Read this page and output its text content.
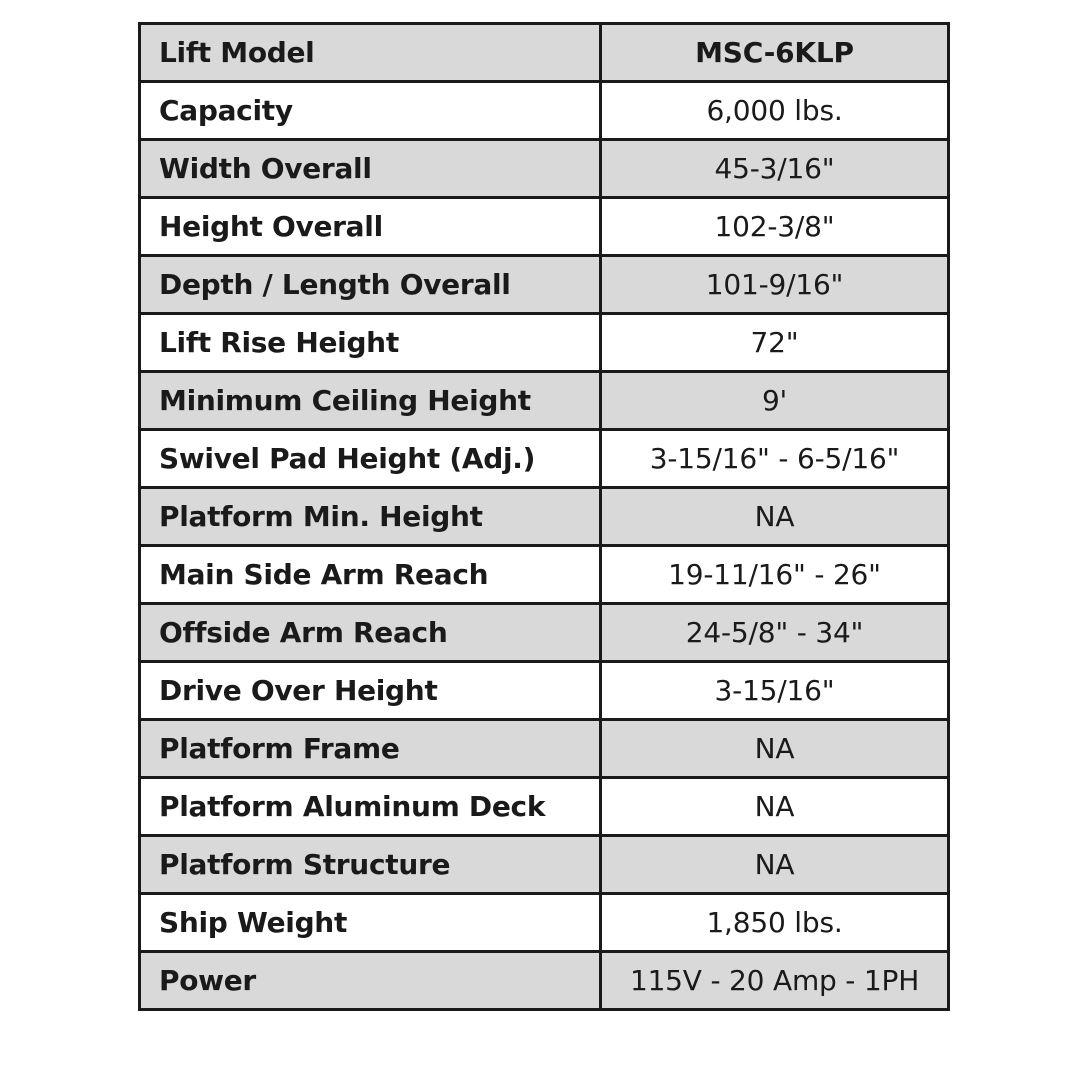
Lift Model	MSC-6KLP
Capacity	6,000 lbs.
Width Overall	45-3/16"
Height Overall	102-3/8"
Depth / Length Overall	101-9/16"
Lift Rise Height	72"
Minimum Ceiling Height	9'
Swivel Pad Height (Adj.)	3-15/16" - 6-5/16"
Platform Min. Height	NA
Main Side Arm Reach	19-11/16" - 26"
Offside Arm Reach	24-5/8" - 34"
Drive Over Height	3-15/16"
Platform Frame	NA
Platform Aluminum Deck	NA
Platform Structure	NA
Ship Weight	1,850 lbs.
Power	115V - 20 Amp - 1PH
